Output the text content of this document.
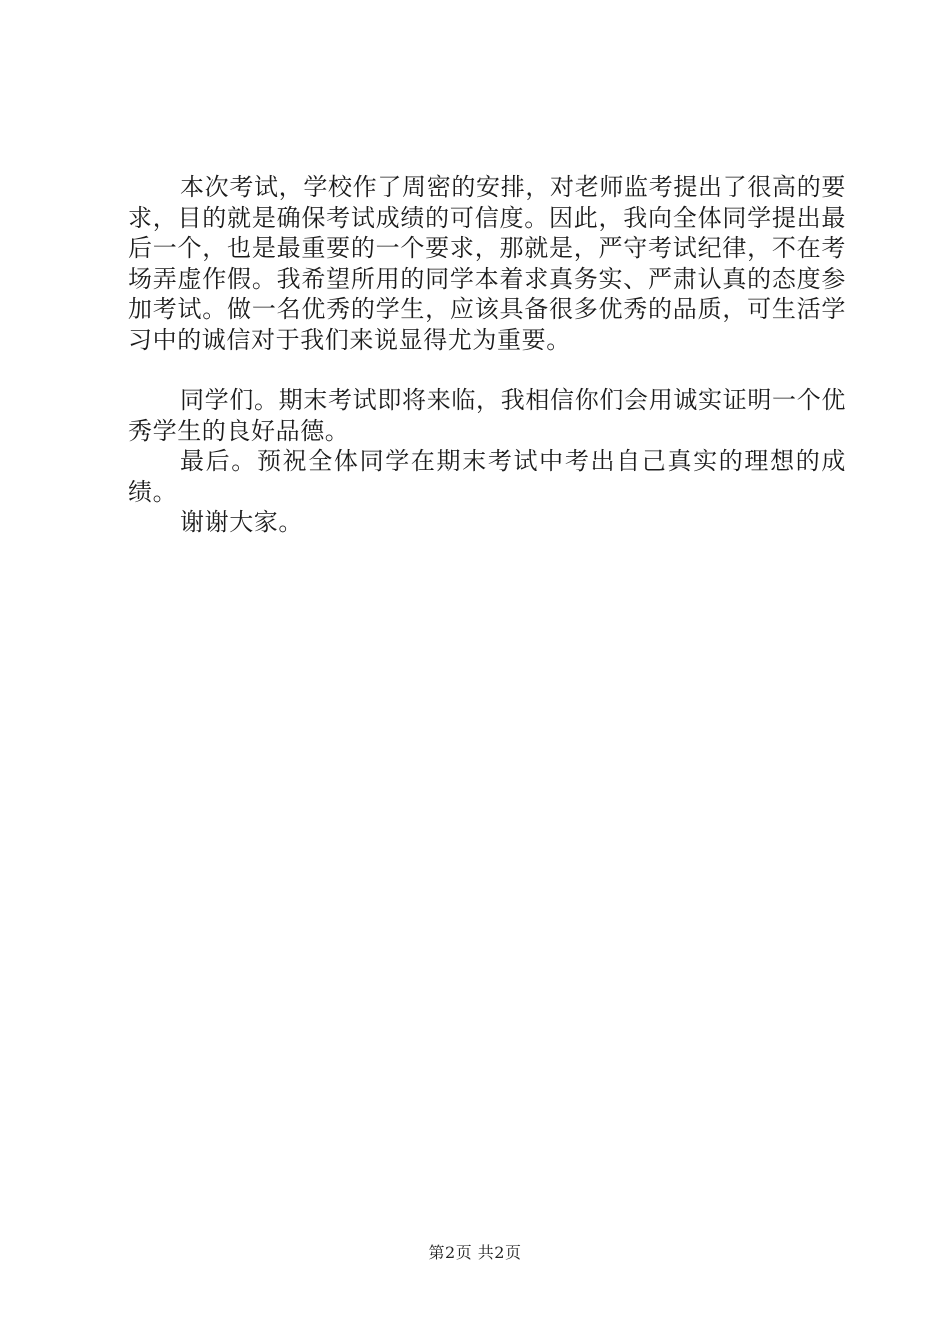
本次考试，学校作了周密的安排，对老师监考提出了很高的要求，目的就是确保考试成绩的可信度。因此，我向全体同学提出最后一个，也是最重要的一个要求，那就是，严守考试纪律，不在考场弄虚作假。我希望所用的同学本着求真务实、严肃认真的态度参加考试。做一名优秀的学生，应该具备很多优秀的品质，可生活学习中的诚信对于我们来说显得尤为重要。

同学们。期末考试即将来临，我相信你们会用诚实证明一个优秀学生的良好品德。

最后。预祝全体同学在期末考试中考出自己真实的理想的成绩。

谢谢大家。

第2页 共2页
